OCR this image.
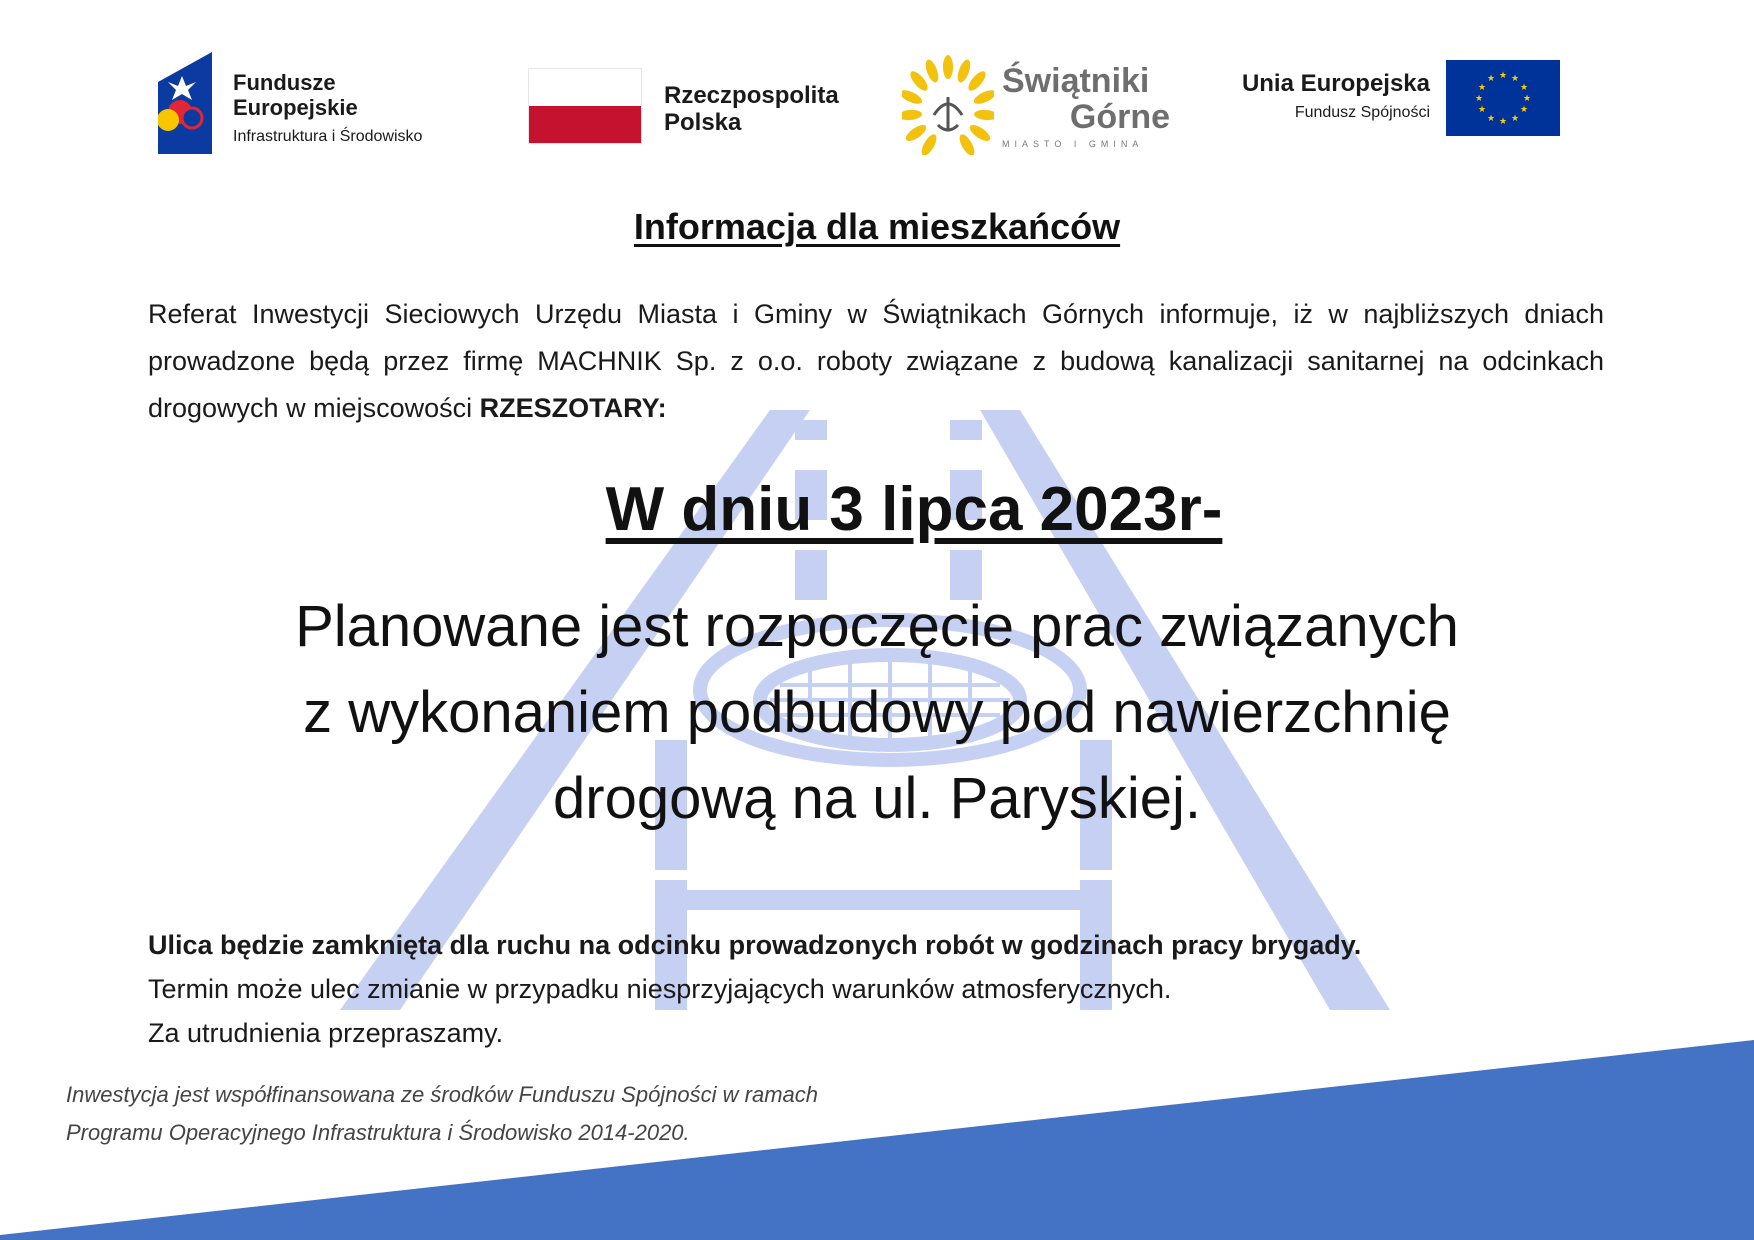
Fundusze
Europejskie
Infrastruktura i Środowisko
Rzeczpospolita
Polska
Świątniki
Górne
MIASTO I GMINA
Unia Europejska
Fundusz Spójności
★ ★
★
★
★
★
★
★
★
★
★
★
Informacja dla mieszkańców
Referat Inwestycji Sieciowych Urzędu Miasta i Gminy w Świątnikach Górnych informuje, iż w najbliższych dniach prowadzone będą przez firmę MACHNIK Sp. z o.o. roboty związane z budową kanalizacji sanitarnej na odcinkach drogowych w miejscowości RZESZOTARY:
W dniu 3 lipca 2023r-
Planowane jest rozpoczęcie prac związanych
z wykonaniem podbudowy pod nawierzchnię
drogową na ul. Paryskiej.
Ulica będzie zamknięta dla ruchu na odcinku prowadzonych robót w godzinach pracy brygady.
Termin może ulec zmianie w przypadku niesprzyjających warunków atmosferycznych.
Za utrudnienia przepraszamy.
Inwestycja jest współfinansowana ze środków Funduszu Spójności w ramach
Programu Operacyjnego Infrastruktura i Środowisko 2014-2020.
